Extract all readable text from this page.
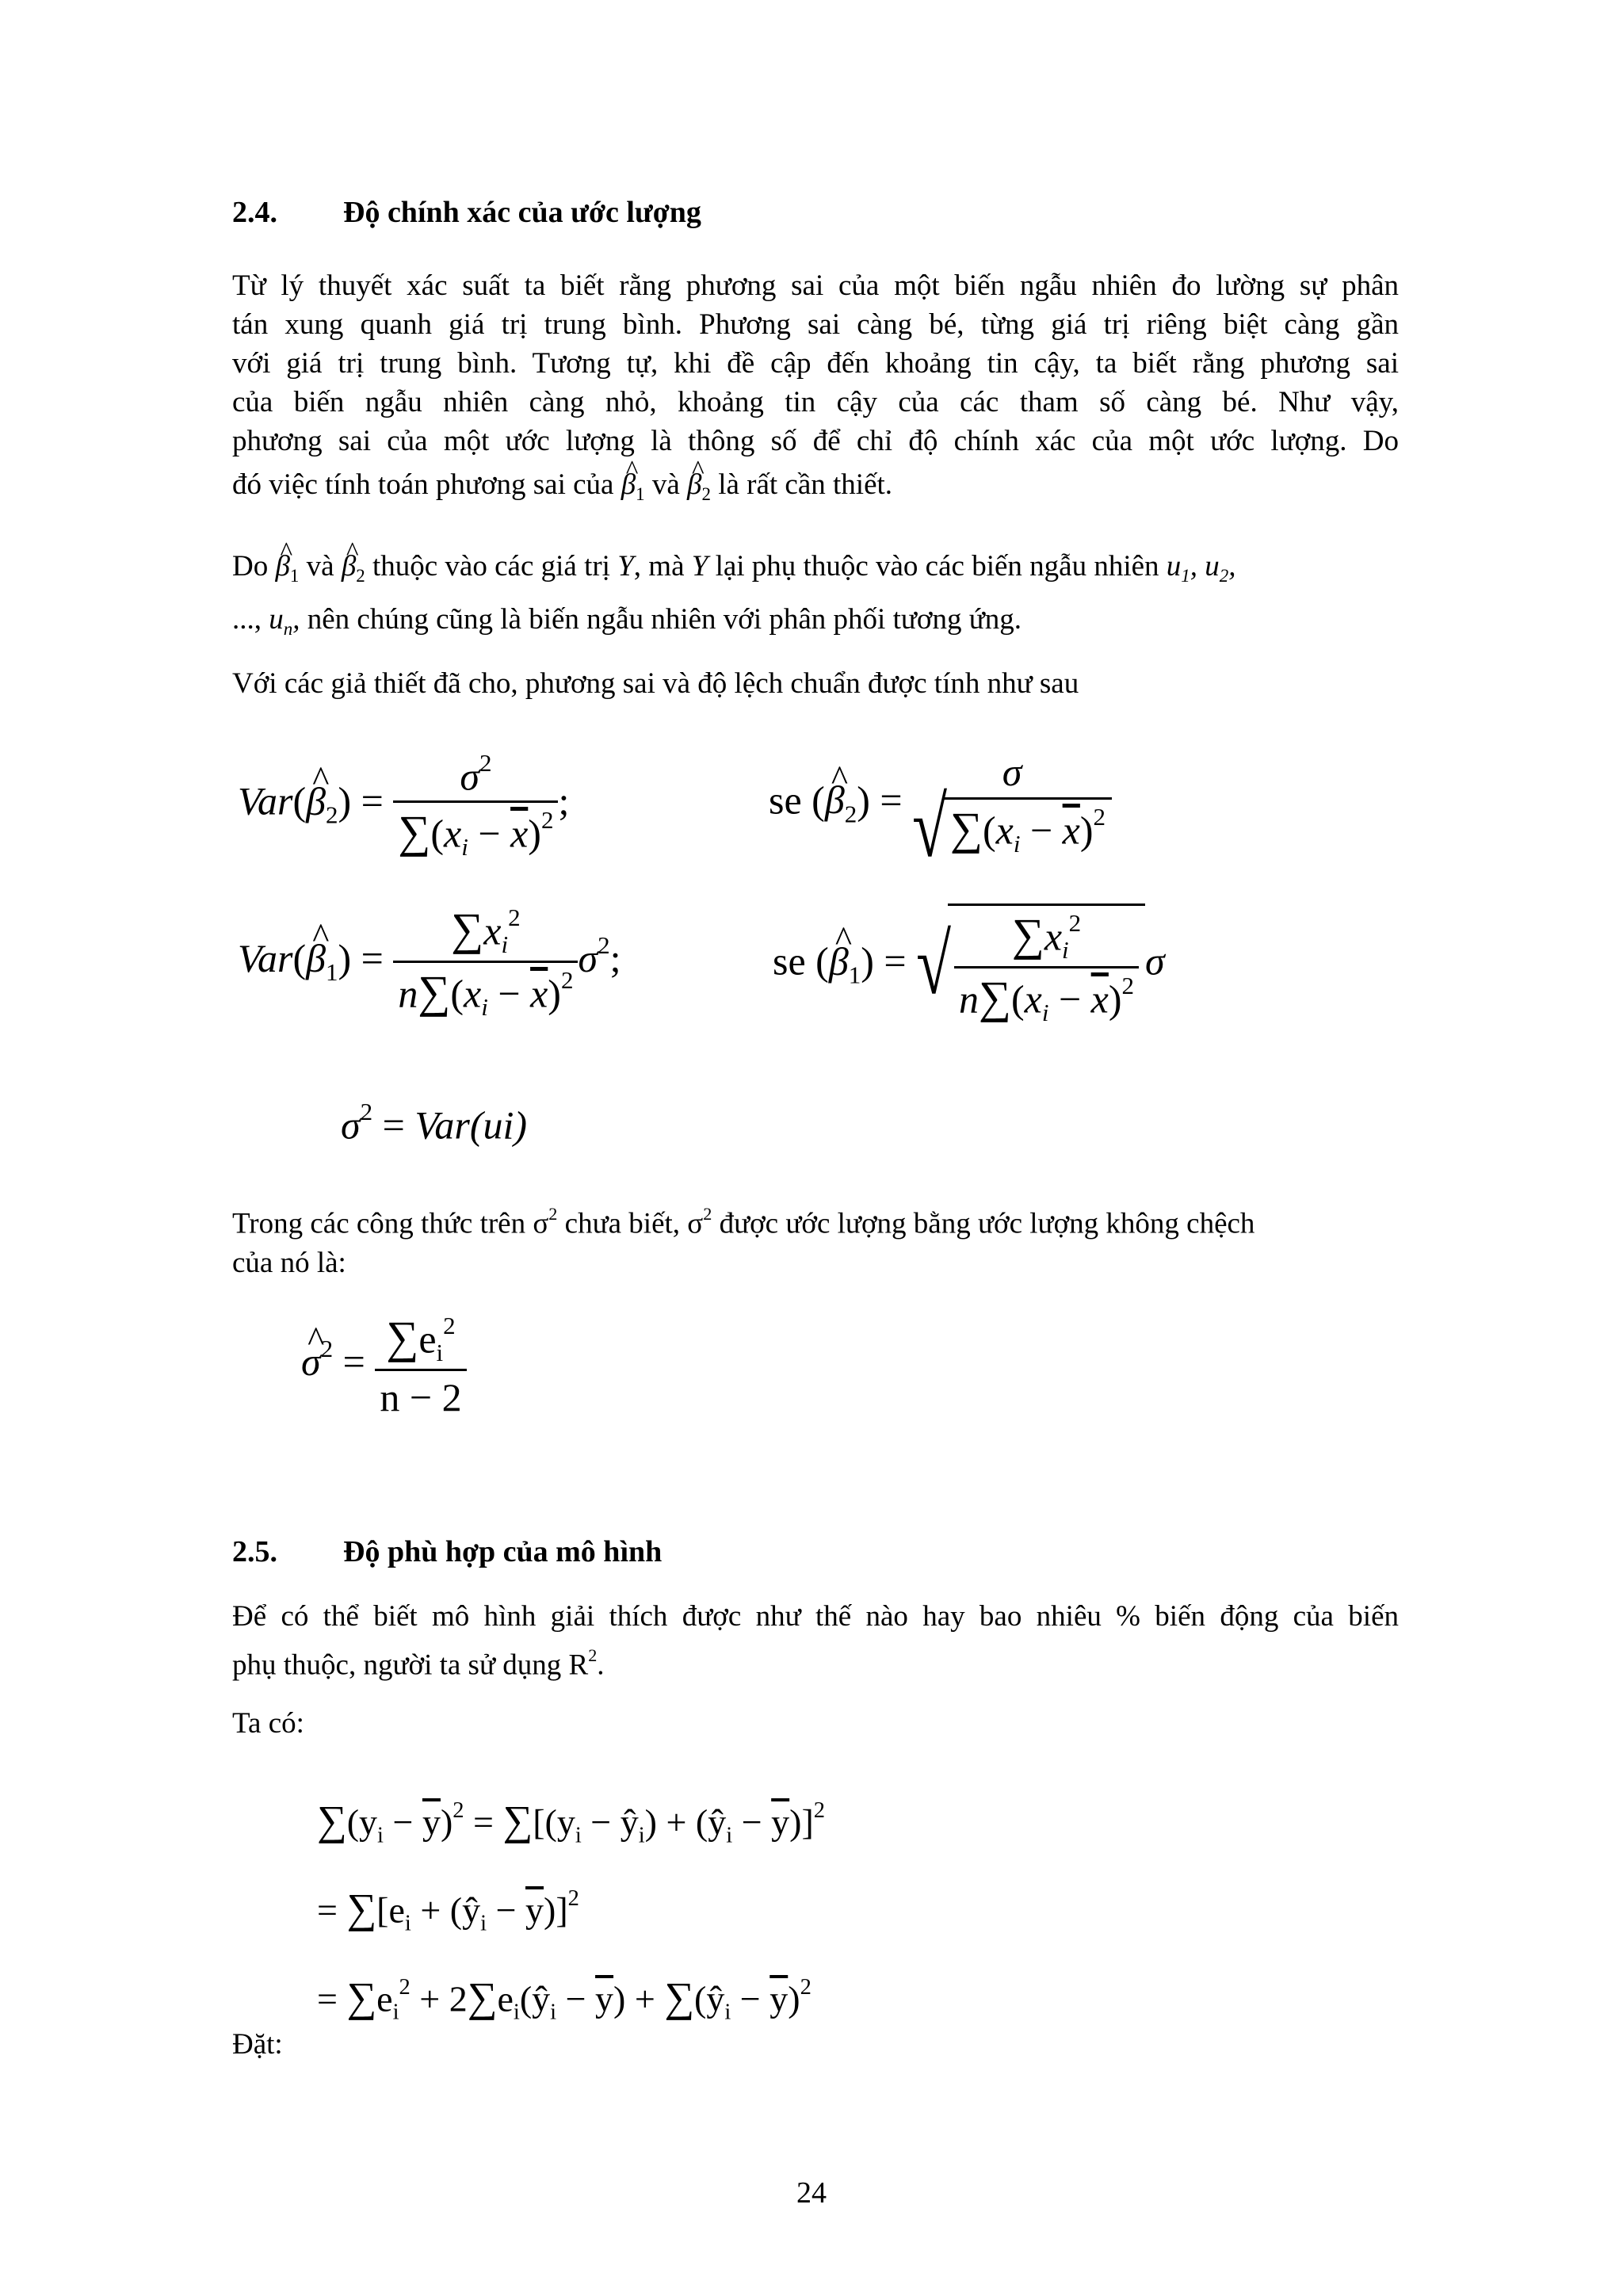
2.4. Độ chính xác của ước lượng
Từ lý thuyết xác suất ta biết rằng phương sai của một biến ngẫu nhiên đo lường sự phân
tán xung quanh giá trị trung bình. Phương sai càng bé, từng giá trị riêng biệt càng gần
với giá trị trung bình. Tương tự, khi đề cập đến khoảng tin cậy, ta biết rằng phương sai
của biến ngẫu nhiên càng nhỏ, khoảng tin cậy của các tham số càng bé. Như vậy,
phương sai của một ước lượng là thông số để chỉ độ chính xác của một ước lượng. Do
đó việc tính toán phương sai của ^ $\beta_1$ và ^ $\beta_2$ là rất cần thiết.
Do ^ $\beta_1$ và ^ $\beta_2$ thuộc vào các giá trị Y, mà Y lại phụ thuộc vào các biến ngẫu nhiên $u_1$, $u_2$,
..., $u_n$, nên chúng cũng là biến ngẫu nhiên với phân phối tương ứng.
Với các giả thiết đã cho, phương sai và độ lệch chuẩn được tính như sau
Var(^ $\beta_2) = \frac{\sigma^2}{\sum(x_i - \overline{x})^2}$ ;	se (^ $\beta_2$) =
σ
√ $\sum(x_i - \overline{x})^2$
Var(^ $\beta_1) = \frac{\sum x_i^2}{n\sum(x_i - \overline{x})^2} \sigma^2$;	se (^ $\beta_1$) = √ $\frac{\sum x_i^2}{n\sum(x_i - \overline{x})^2}$ σ
$\sigma^2 = Var(ui)$
Trong các công thức trên $\sigma^2$ chưa biết, $\sigma^2$ được ước lượng bằng ước lượng không chệch
của nó là:
^ $\sigma^2 = \frac{\sum e_i^2}{n - 2}$
2.5. Độ phù hợp của mô hình
Để có thể biết mô hình giải thích được như thế nào hay bao nhiêu % biến động của biến
phụ thuộc, người ta sử dụng $R^2$.
Ta có:
$\sum(y_i - \overline{y})^2 = \sum[(y_i$ − $ŷ_i$) + $(ŷ_i - \overline{y})]^2$
= $\sum[e_i$ + $(ŷ_i - \overline{y})]^2$
= $\sum e_i^2$ + $2\sum e_i(ŷ_i - \overline{y})$ + $\sum(ŷ_i - \overline{y})^2$
Đặt:
24
